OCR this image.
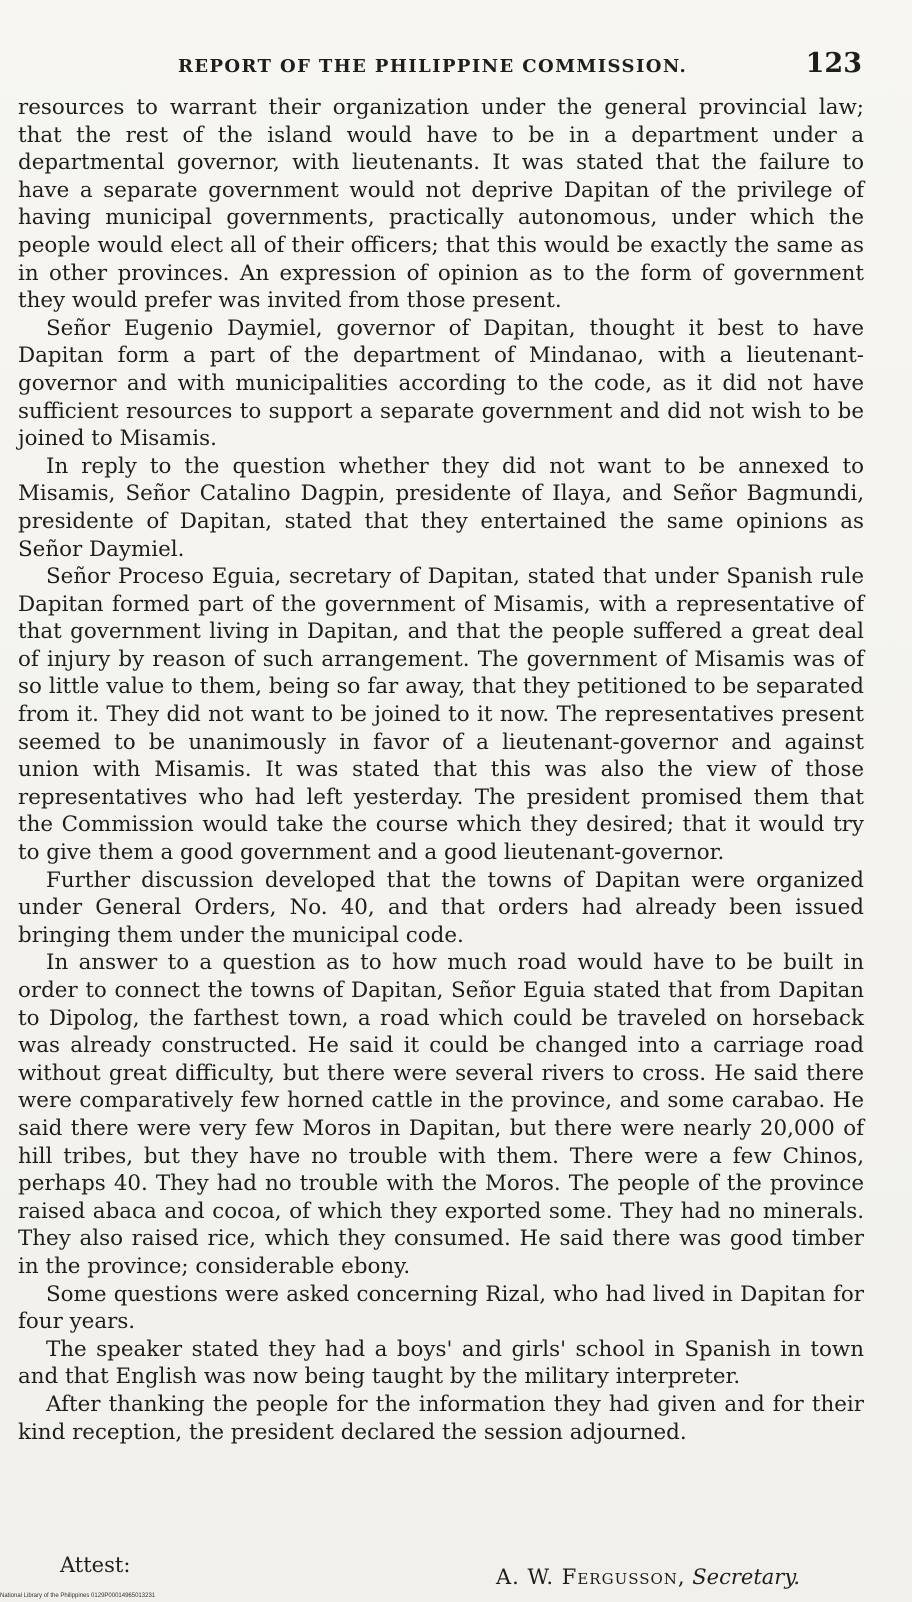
REPORT OF THE PHILIPPINE COMMISSION.	123

resources to warrant their organization under the general provincial law; that the rest of the island would have to be in a department under a departmental governor, with lieutenants. It was stated that the failure to have a separate government would not deprive Dapitan of the privilege of having municipal governments, practically autonomous, under which the people would elect all of their officers; that this would be exactly the same as in other provinces. An expression of opinion as to the form of government they would prefer was invited from those present.

Señor Eugenio Daymiel, governor of Dapitan, thought it best to have Dapitan form a part of the department of Mindanao, with a lieutenant-governor and with municipalities according to the code, as it did not have sufficient resources to support a separate government and did not wish to be joined to Misamis.

In reply to the question whether they did not want to be annexed to Misamis, Señor Catalino Dagpin, presidente of Ilaya, and Señor Bagmundi, presidente of Dapitan, stated that they entertained the same opinions as Señor Daymiel.

Señor Proceso Eguia, secretary of Dapitan, stated that under Spanish rule Dapitan formed part of the government of Misamis, with a representative of that government living in Dapitan, and that the people suffered a great deal of injury by reason of such arrangement. The government of Misamis was of so little value to them, being so far away, that they petitioned to be separated from it. They did not want to be joined to it now. The representatives present seemed to be unanimously in favor of a lieutenant-governor and against union with Misamis. It was stated that this was also the view of those representatives who had left yesterday. The president promised them that the Commission would take the course which they desired; that it would try to give them a good government and a good lieutenant-governor.

Further discussion developed that the towns of Dapitan were organized under General Orders, No. 40, and that orders had already been issued bringing them under the municipal code.

In answer to a question as to how much road would have to be built in order to connect the towns of Dapitan, Señor Eguia stated that from Dapitan to Dipolog, the farthest town, a road which could be traveled on horseback was already constructed. He said it could be changed into a carriage road without great difficulty, but there were several rivers to cross. He said there were comparatively few horned cattle in the province, and some carabao. He said there were very few Moros in Dapitan, but there were nearly 20,000 of hill tribes, but they have no trouble with them. There were a few Chinos, perhaps 40. They had no trouble with the Moros. The people of the province raised abaca and cocoa, of which they exported some. They had no minerals. They also raised rice, which they consumed. He said there was good timber in the province; considerable ebony.

Some questions were asked concerning Rizal, who had lived in Dapitan for four years.

The speaker stated they had a boys' and girls' school in Spanish in town and that English was now being taught by the military interpreter.

After thanking the people for the information they had given and for their kind reception, the president declared the session adjourned.

Attest:	A. W. Fergusson, Secretary.
National Library of the Philippines 0129P00014965013231
